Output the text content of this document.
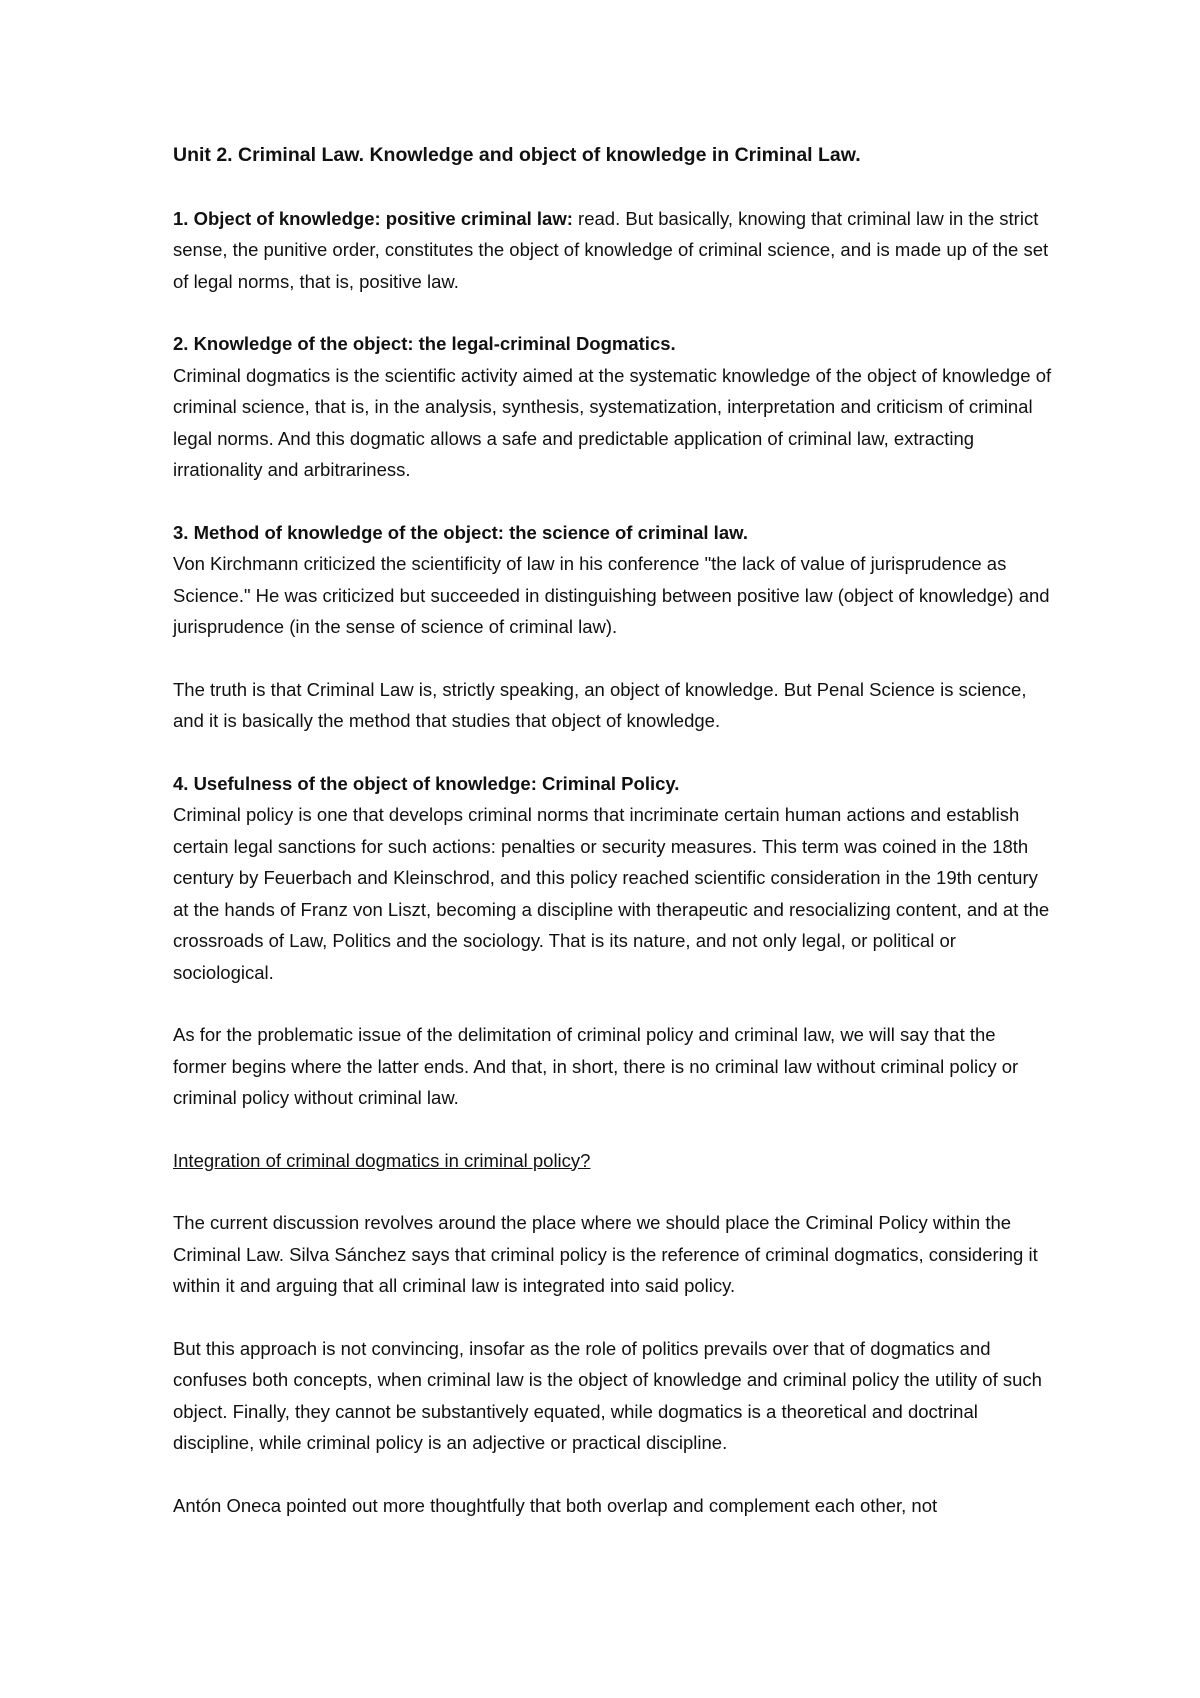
Unit 2. Criminal Law. Knowledge and object of knowledge in Criminal Law.

1. Object of knowledge: positive criminal law: read. But basically, knowing that criminal law in the strict sense, the punitive order, constitutes the object of knowledge of criminal science, and is made up of the set of legal norms, that is, positive law.

2. Knowledge of the object: the legal-criminal Dogmatics.
Criminal dogmatics is the scientific activity aimed at the systematic knowledge of the object of knowledge of criminal science, that is, in the analysis, synthesis, systematization, interpretation and criticism of criminal legal norms. And this dogmatic allows a safe and predictable application of criminal law, extracting irrationality and arbitrariness.

3. Method of knowledge of the object: the science of criminal law.
Von Kirchmann criticized the scientificity of law in his conference "the lack of value of jurisprudence as Science." He was criticized but succeeded in distinguishing between positive law (object of knowledge) and jurisprudence (in the sense of science of criminal law).

The truth is that Criminal Law is, strictly speaking, an object of knowledge. But Penal Science is science, and it is basically the method that studies that object of knowledge.

4. Usefulness of the object of knowledge: Criminal Policy.
Criminal policy is one that develops criminal norms that incriminate certain human actions and establish certain legal sanctions for such actions: penalties or security measures. This term was coined in the 18th century by Feuerbach and Kleinschrod, and this policy reached scientific consideration in the 19th century at the hands of Franz von Liszt, becoming a discipline with therapeutic and resocializing content, and at the crossroads of Law, Politics and the sociology. That is its nature, and not only legal, or political or sociological.

As for the problematic issue of the delimitation of criminal policy and criminal law, we will say that the former begins where the latter ends. And that, in short, there is no criminal law without criminal policy or criminal policy without criminal law.

Integration of criminal dogmatics in criminal policy?

The current discussion revolves around the place where we should place the Criminal Policy within the Criminal Law. Silva Sánchez says that criminal policy is the reference of criminal dogmatics, considering it within it and arguing that all criminal law is integrated into said policy.

But this approach is not convincing, insofar as the role of politics prevails over that of dogmatics and confuses both concepts, when criminal law is the object of knowledge and criminal policy the utility of such object. Finally, they cannot be substantively equated, while dogmatics is a theoretical and doctrinal discipline, while criminal policy is an adjective or practical discipline.

Antón Oneca pointed out more thoughtfully that both overlap and complement each other, not
